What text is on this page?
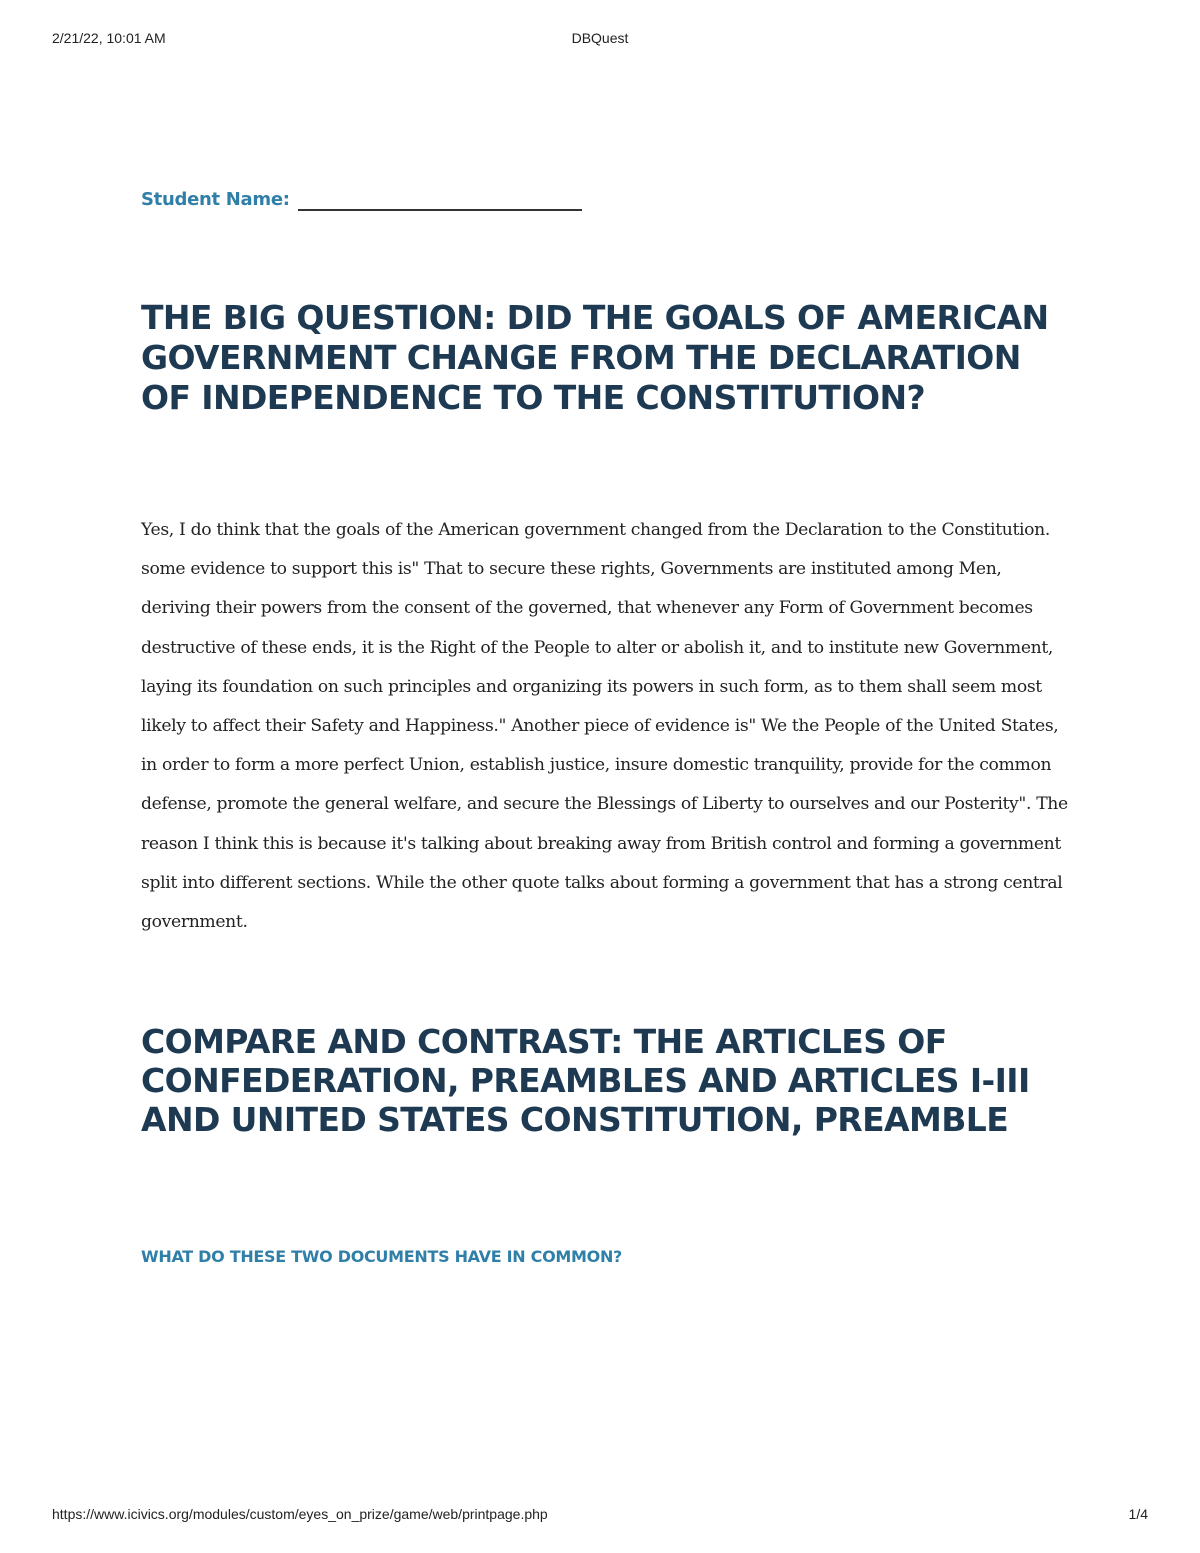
2/21/22, 10:01 AM	DBQuest
Student Name:
THE BIG QUESTION: DID THE GOALS OF AMERICAN GOVERNMENT CHANGE FROM THE DECLARATION OF INDEPENDENCE TO THE CONSTITUTION?

Yes, I do think that the goals of the American government changed from the Declaration to the Constitution. some evidence to support this is" That to secure these rights, Governments are instituted among Men, deriving their powers from the consent of the governed, that whenever any Form of Government becomes destructive of these ends, it is the Right of the People to alter or abolish it, and to institute new Government, laying its foundation on such principles and organizing its powers in such form, as to them shall seem most likely to affect their Safety and Happiness." Another piece of evidence is" We the People of the United States, in order to form a more perfect Union, establish justice, insure domestic tranquility, provide for the common defense, promote the general welfare, and secure the Blessings of Liberty to ourselves and our Posterity". The reason I think this is because it's talking about breaking away from British control and forming a government split into different sections. While the other quote talks about forming a government that has a strong central government.

COMPARE AND CONTRAST: THE ARTICLES OF CONFEDERATION, PREAMBLES AND ARTICLES I-III AND UNITED STATES CONSTITUTION, PREAMBLE
WHAT DO THESE TWO DOCUMENTS HAVE IN COMMON?
https://www.icivics.org/modules/custom/eyes_on_prize/game/web/printpage.php	1/4
